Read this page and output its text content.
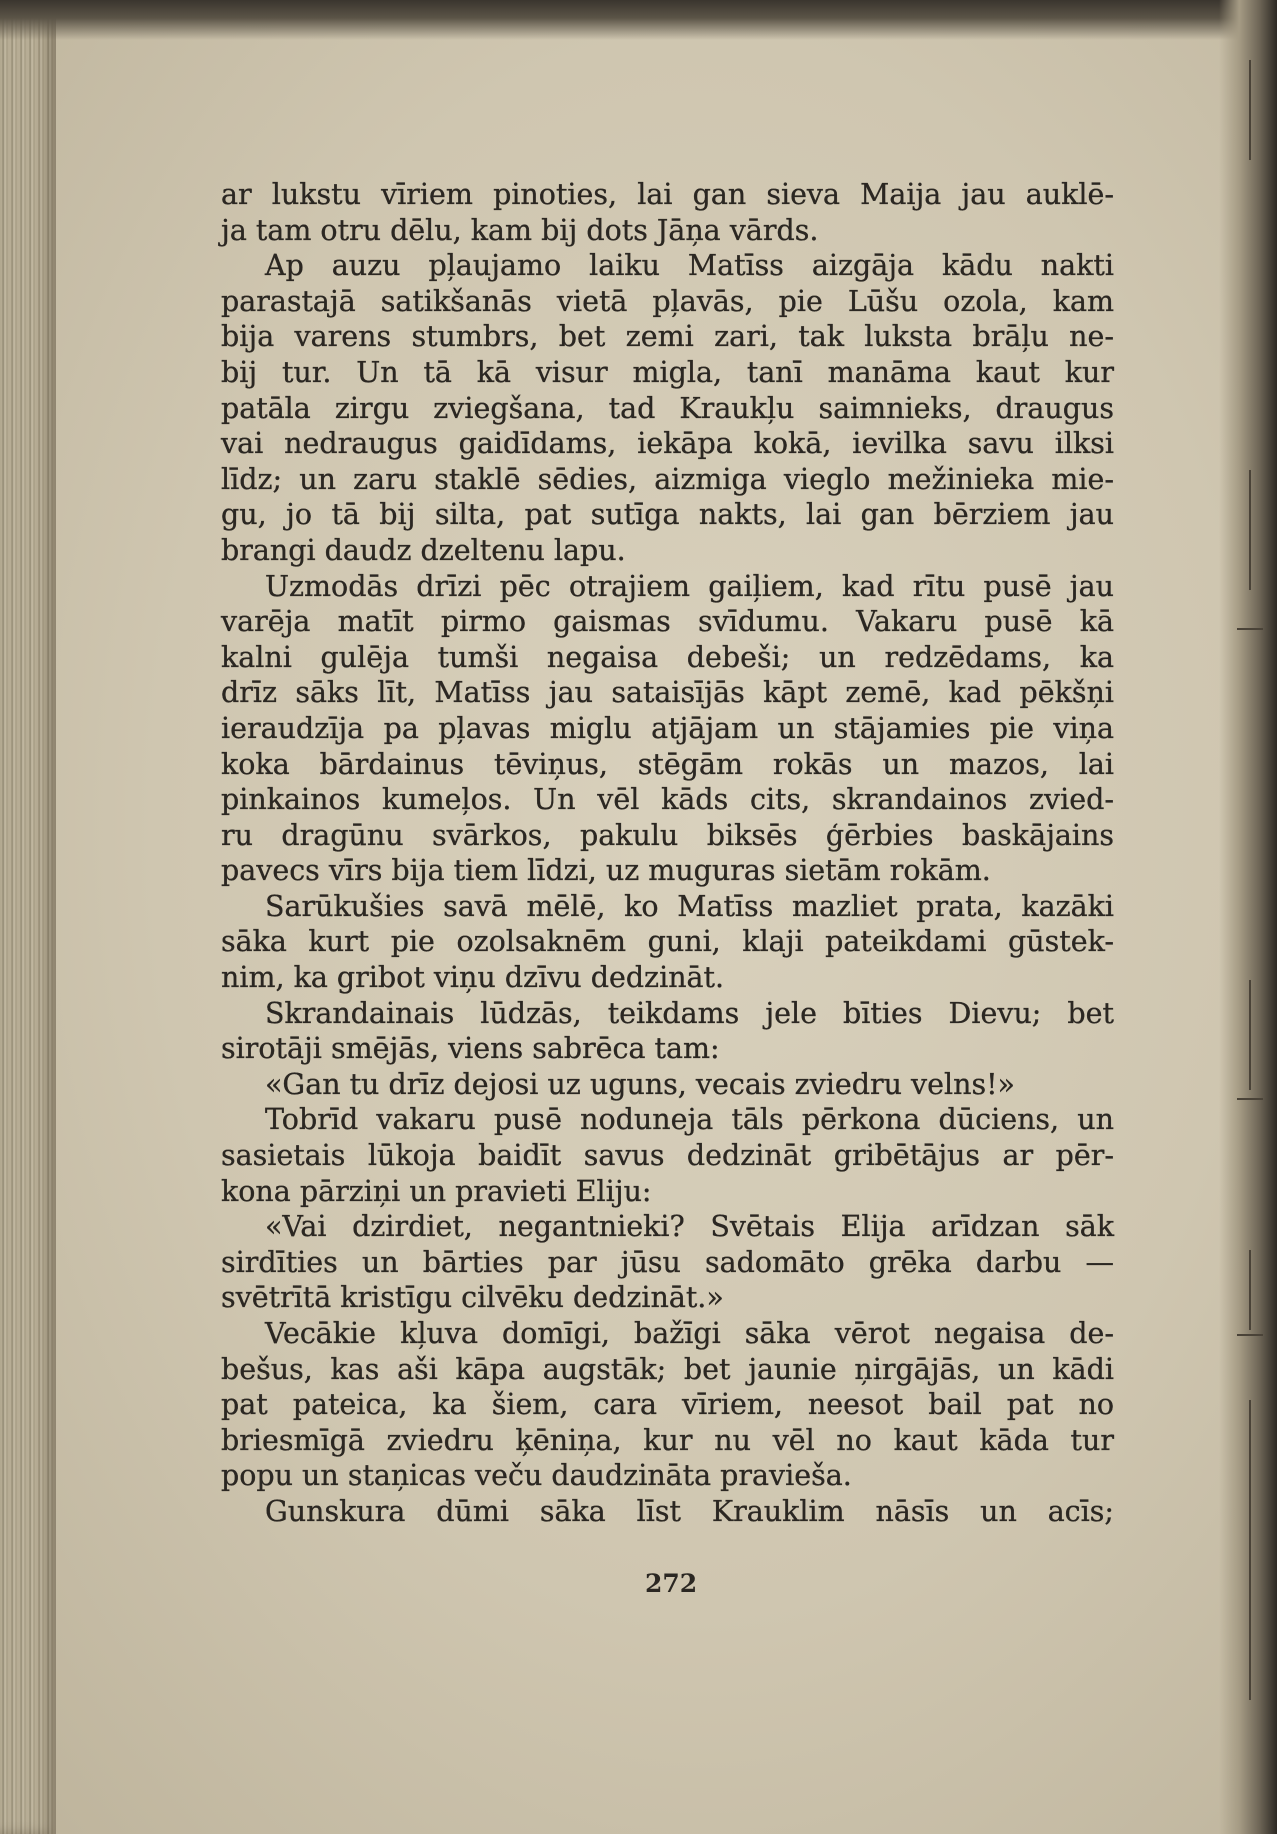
ar lukstu vīriem pinoties, lai gan sieva Maija jau auklē-
ja tam otru dēlu, kam bij dots Jāņa vārds.
Ap auzu pļaujamo laiku Matīss aizgāja kādu nakti
parastajā satikšanās vietā pļavās, pie Lūšu ozola, kam
bija varens stumbrs, bet zemi zari, tak luksta brāļu ne-
bij tur. Un tā kā visur migla, tanī manāma kaut kur
patāla zirgu zviegšana, tad Kraukļu saimnieks, draugus
vai nedraugus gaidīdams, iekāpa kokā, ievilka savu ilksi
līdz; un zaru staklē sēdies, aizmiga vieglo mežinieka mie-
gu, jo tā bij silta, pat sutīga nakts, lai gan bērziem jau
brangi daudz dzeltenu lapu.
Uzmodās drīzi pēc otrajiem gaiļiem, kad rītu pusē jau
varēja matīt pirmo gaismas svīdumu. Vakaru pusē kā
kalni gulēja tumši negaisa debeši; un redzēdams, ka
drīz sāks līt, Matīss jau sataisījās kāpt zemē, kad pēkšņi
ieraudzīja pa pļavas miglu atjājam un stājamies pie viņa
koka bārdainus tēviņus, stēgām rokās un mazos, lai
pinkainos kumeļos. Un vēl kāds cits, skrandainos zvied-
ru dragūnu svārkos, pakulu biksēs ģērbies baskājains
pavecs vīrs bija tiem līdzi, uz muguras sietām rokām.
Sarūkušies savā mēlē, ko Matīss mazliet prata, kazāki
sāka kurt pie ozolsaknēm guni, klaji pateikdami gūstek-
nim, ka gribot viņu dzīvu dedzināt.
Skrandainais lūdzās, teikdams jele bīties Dievu; bet
sirotāji smējās, viens sabrēca tam:
«Gan tu drīz dejosi uz uguns, vecais zviedru velns!»
Tobrīd vakaru pusē noduneja tāls pērkona dūciens, un
sasietais lūkoja baidīt savus dedzināt gribētājus ar pēr-
kona pārziņi un pravieti Eliju:
«Vai dzirdiet, negantnieki? Svētais Elija arīdzan sāk
sirdīties un bārties par jūsu sadomāto grēka darbu —
svētrītā kristīgu cilvēku dedzināt.»
Vecākie kļuva domīgi, bažīgi sāka vērot negaisa de-
bešus, kas aši kāpa augstāk; bet jaunie ņirgājās, un kādi
pat pateica, ka šiem, cara vīriem, neesot bail pat no
briesmīgā zviedru ķēniņa, kur nu vēl no kaut kāda tur
popu un staņicas veču daudzināta pravieša.
Gunskura dūmi sāka līst Krauklim nāsīs un acīs;
272
